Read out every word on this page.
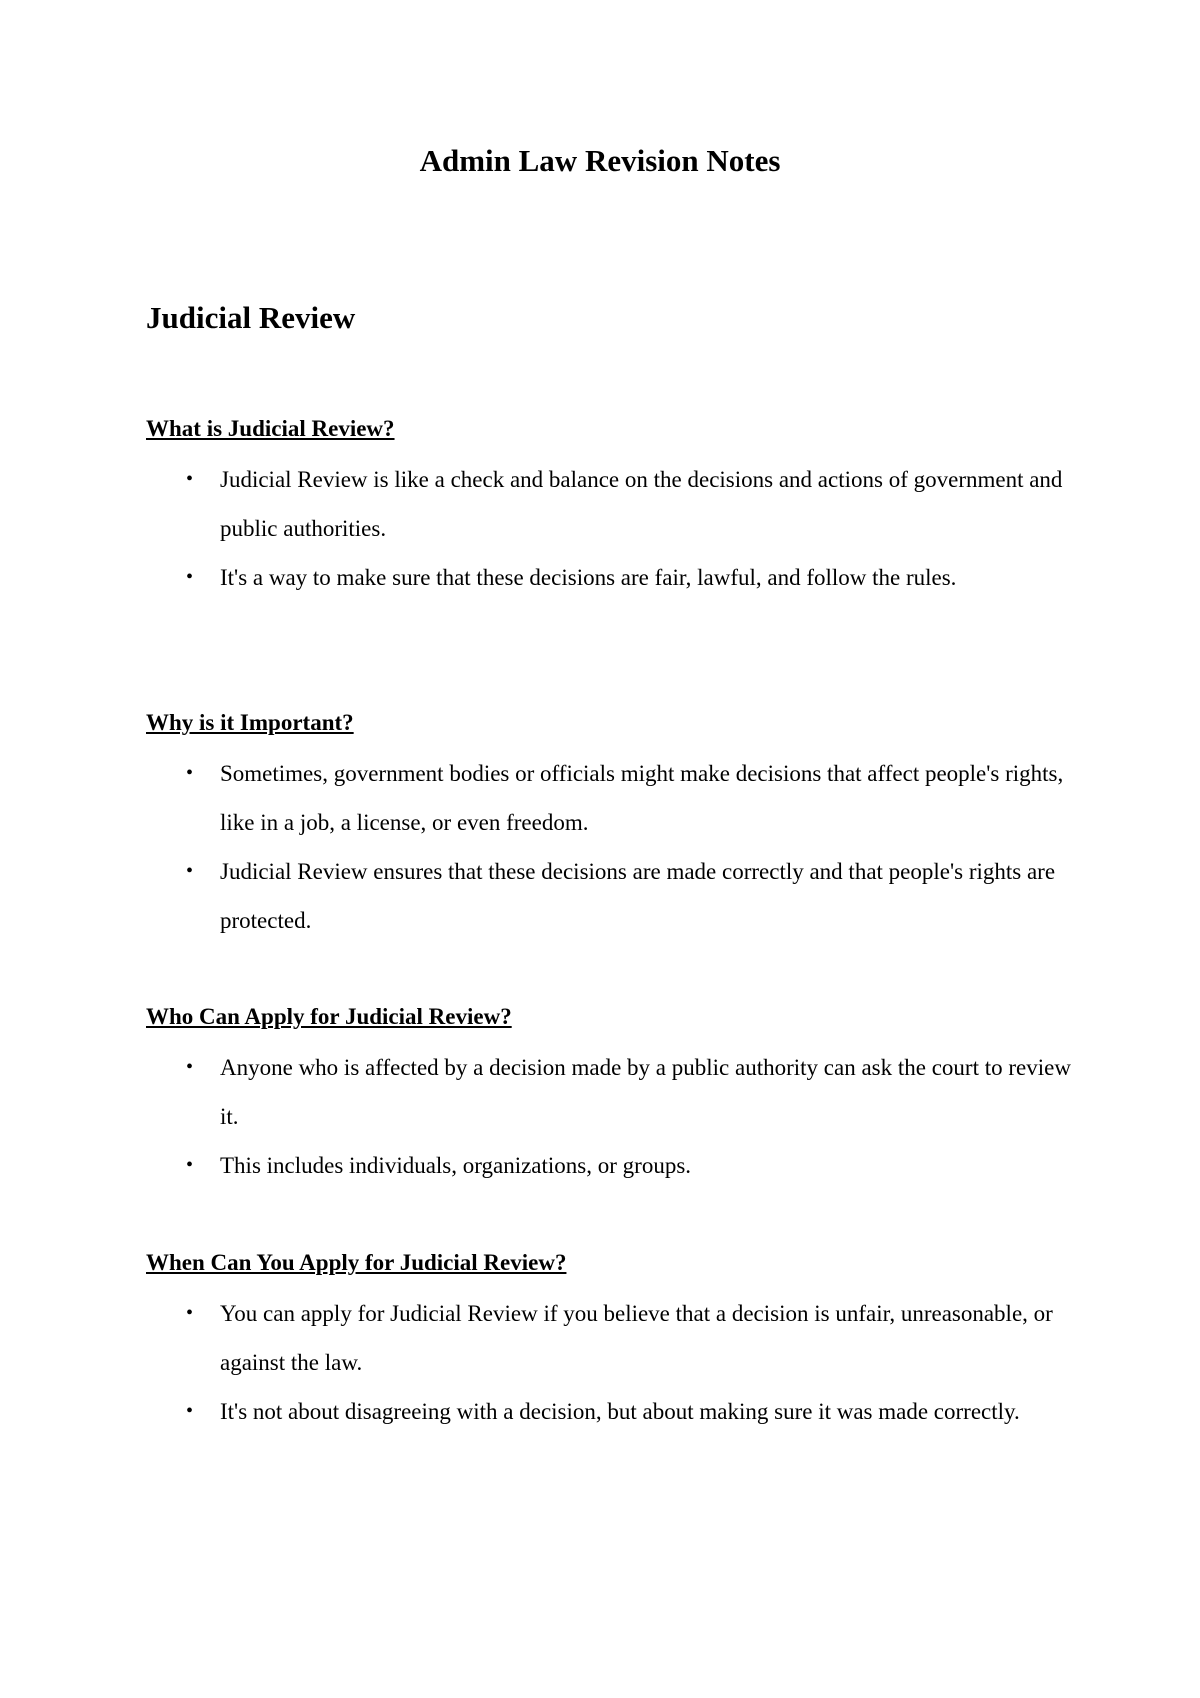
Admin Law Revision Notes
Judicial Review
What is Judicial Review?
• Judicial Review is like a check and balance on the decisions and actions of government and public authorities.
• It's a way to make sure that these decisions are fair, lawful, and follow the rules.
Why is it Important?
• Sometimes, government bodies or officials might make decisions that affect people's rights, like in a job, a license, or even freedom.
• Judicial Review ensures that these decisions are made correctly and that people's rights are protected.
Who Can Apply for Judicial Review?
• Anyone who is affected by a decision made by a public authority can ask the court to review it.
• This includes individuals, organizations, or groups.
When Can You Apply for Judicial Review?
• You can apply for Judicial Review if you believe that a decision is unfair, unreasonable, or against the law.
• It's not about disagreeing with a decision, but about making sure it was made correctly.
